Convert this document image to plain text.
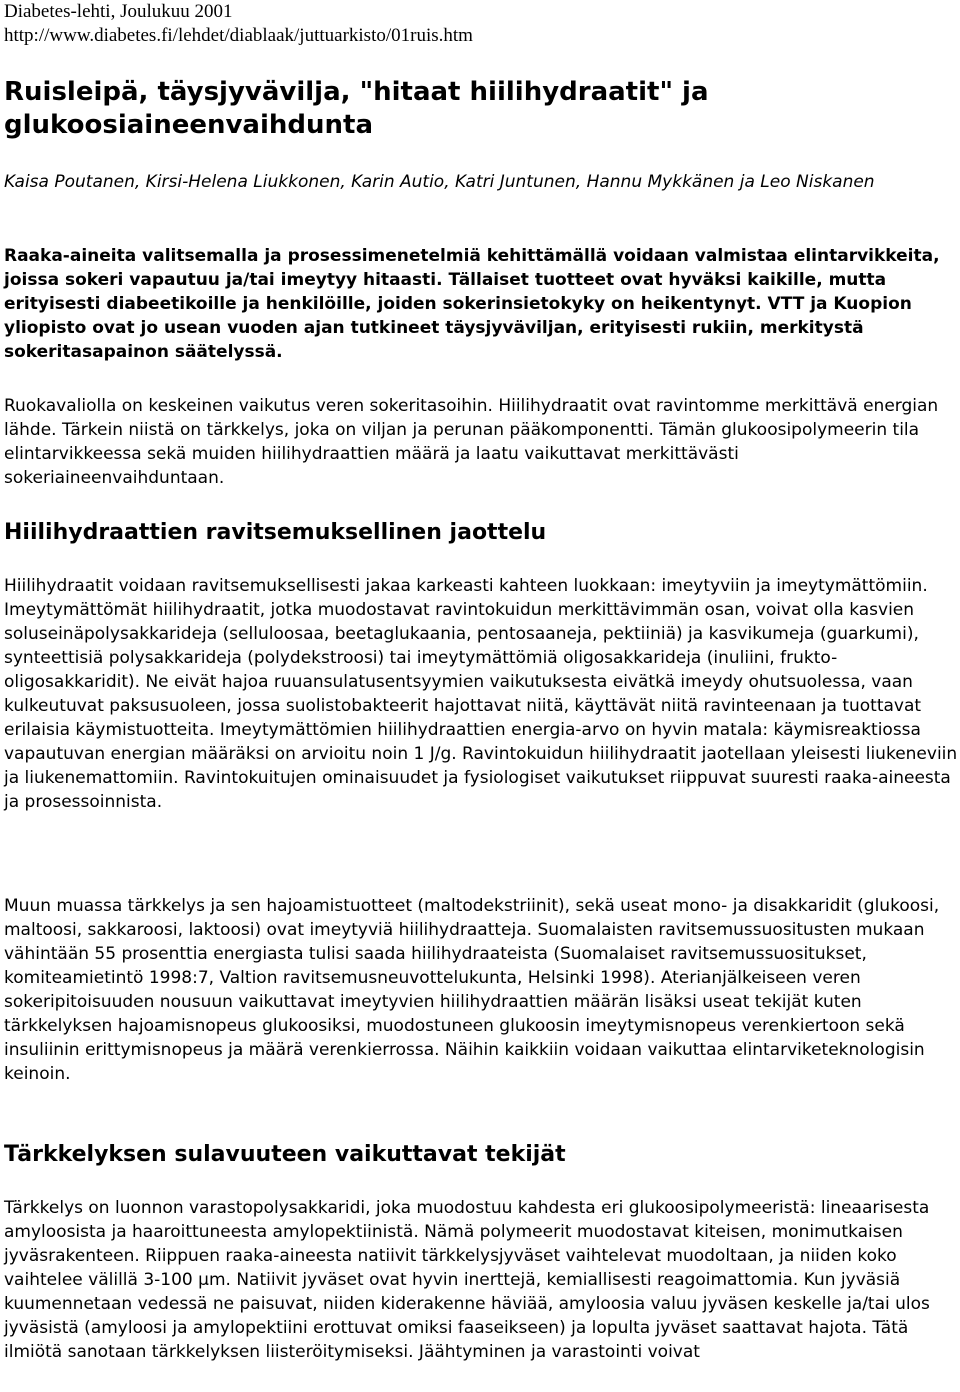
Diabetes-lehti, Joulukuu 2001
http://www.diabetes.fi/lehdet/diablaak/juttuarkisto/01ruis.htm
Ruisleipä, täysjyvävilja, "hitaat hiilihydraatit" ja glukoosiaineenvaihdunta

Kaisa Poutanen, Kirsi-Helena Liukkonen, Karin Autio, Katri Juntunen, Hannu Mykkänen ja Leo Niskanen

Raaka-aineita valitsemalla ja prosessimenetelmiä kehittämällä voidaan valmistaa elintarvikkeita, joissa sokeri vapautuu ja/tai imeytyy hitaasti. Tällaiset tuotteet ovat hyväksi kaikille, mutta erityisesti diabeetikoille ja henkilöille, joiden sokerinsietokyky on heikentynyt. VTT ja Kuopion yliopisto ovat jo usean vuoden ajan tutkineet täysjyväviljan, erityisesti rukiin, merkitystä sokeritasapainon säätelyssä.

Ruokavaliolla on keskeinen vaikutus veren sokeritasoihin. Hiilihydraatit ovat ravintomme merkittävä energian lähde. Tärkein niistä on tärkkelys, joka on viljan ja perunan pääkomponentti. Tämän glukoosipolymeerin tila elintarvikkeessa sekä muiden hiilihydraattien määrä ja laatu vaikuttavat merkittävästi sokeriaineenvaihduntaan.

Hiilihydraattien ravitsemuksellinen jaottelu

Hiilihydraatit voidaan ravitsemuksellisesti jakaa karkeasti kahteen luokkaan: imeytyviin ja imeytymättömiin. Imeytymättömät hiilihydraatit, jotka muodostavat ravintokuidun merkittävimmän osan, voivat olla kasvien soluseinäpolysakkarideja (selluloosaa, beetaglukaania, pentosaaneja, pektiiniä) ja kasvikumeja (guarkumi), synteettisiä polysakkarideja (polydekstroosi) tai imeytymättömiä oligosakkarideja (inuliini, frukto-oligosakkaridit). Ne eivät hajoa ruuansulatusentsyymien vaikutuksesta eivätkä imeydy ohutsuolessa, vaan kulkeutuvat paksusuoleen, jossa suolistobakteerit hajottavat niitä, käyttävät niitä ravinteenaan ja tuottavat erilaisia käymistuotteita. Imeytymättömien hiilihydraattien energia-arvo on hyvin matala: käymisreaktiossa vapautuvan energian määräksi on arvioitu noin 1 J/g. Ravintokuidun hiilihydraatit jaotellaan yleisesti liukeneviin ja liukenemattomiin. Ravintokuitujen ominaisuudet ja fysiologiset vaikutukset riippuvat suuresti raaka-aineesta ja prosessoinnista.

Muun muassa tärkkelys ja sen hajoamistuotteet (maltodekstriinit), sekä useat mono- ja disakkaridit (glukoosi, maltoosi, sakkaroosi, laktoosi) ovat imeytyviä hiilihydraatteja. Suomalaisten ravitsemussuositusten mukaan vähintään 55 prosenttia energiasta tulisi saada hiilihydraateista (Suomalaiset ravitsemussuositukset, komiteamietintö 1998:7, Valtion ravitsemusneuvottelukunta, Helsinki 1998). Aterianjälkeiseen veren sokeripitoisuuden nousuun vaikuttavat imeytyvien hiilihydraattien määrän lisäksi useat tekijät kuten tärkkelyksen hajoamisnopeus glukoosiksi, muodostuneen glukoosin imeytymisnopeus verenkiertoon sekä insuliinin erittymisnopeus ja määrä verenkierrossa. Näihin kaikkiin voidaan vaikuttaa elintarviketeknologisin keinoin.

Tärkkelyksen sulavuuteen vaikuttavat tekijät

Tärkkelys on luonnon varastopolysakkaridi, joka muodostuu kahdesta eri glukoosipolymeeristä: lineaarisesta amyloosista ja haaroittuneesta amylopektiinistä. Nämä polymeerit muodostavat kiteisen, monimutkaisen jyväsrakenteen. Riippuen raaka-aineesta natiivit tärkkelysjyväset vaihtelevat muodoltaan, ja niiden koko vaihtelee välillä 3-100 µm. Natiivit jyväset ovat hyvin inerttejä, kemiallisesti reagoimattomia. Kun jyväsiä kuumennetaan vedessä ne paisuvat, niiden kiderakenne häviää, amyloosia valuu jyväsen keskelle ja/tai ulos jyväsistä (amyloosi ja amylopektiini erottuvat omiksi faaseikseen) ja lopulta jyväset saattavat hajota. Tätä ilmiötä sanotaan tärkkelyksen liisteröitymiseksi. Jäähtyminen ja varastointi voivat
